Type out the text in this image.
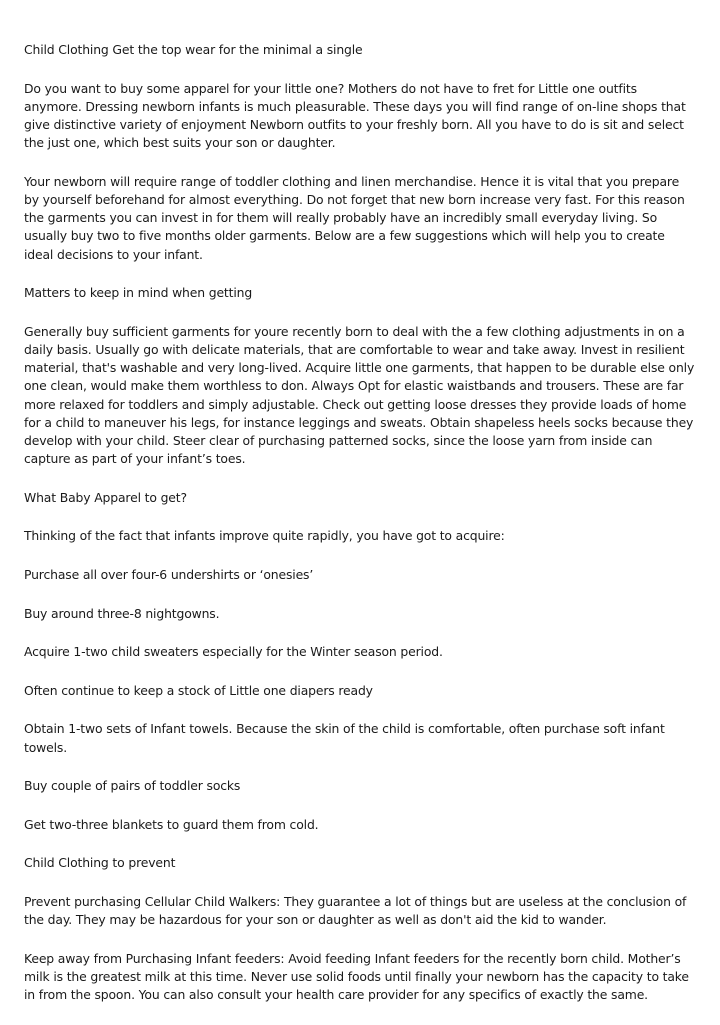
Child Clothing Get the top wear for the minimal a single

Do you want to buy some apparel for your little one? Mothers do not have to fret for Little one outfits anymore. Dressing newborn infants is much pleasurable. These days you will find range of on-line shops that give distinctive variety of enjoyment Newborn outfits to your freshly born. All you have to do is sit and select the just one, which best suits your son or daughter.

Your newborn will require range of toddler clothing and linen merchandise. Hence it is vital that you prepare by yourself beforehand for almost everything. Do not forget that new born increase very fast. For this reason the garments you can invest in for them will really probably have an incredibly small everyday living. So usually buy two to five months older garments. Below are a few suggestions which will help you to create ideal decisions to your infant.

Matters to keep in mind when getting

Generally buy sufficient garments for youre recently born to deal with the a few clothing adjustments in on a daily basis. Usually go with delicate materials, that are comfortable to wear and take away. Invest in resilient material, that's washable and very long-lived. Acquire little one garments, that happen to be durable else only one clean, would make them worthless to don. Always Opt for elastic waistbands and trousers. These are far more relaxed for toddlers and simply adjustable. Check out getting loose dresses they provide loads of home for a child to maneuver his legs, for instance leggings and sweats. Obtain shapeless heels socks because they develop with your child. Steer clear of purchasing patterned socks, since the loose yarn from inside can capture as part of your infant’s toes.

What Baby Apparel to get?

Thinking of the fact that infants improve quite rapidly, you have got to acquire:

Purchase all over four-6 undershirts or ‘onesies’

Buy around three-8 nightgowns.

Acquire 1-two child sweaters especially for the Winter season period.

Often continue to keep a stock of Little one diapers ready

Obtain 1-two sets of Infant towels. Because the skin of the child is comfortable, often purchase soft infant towels.

Buy couple of pairs of toddler socks

Get two-three blankets to guard them from cold.

Child Clothing to prevent

Prevent purchasing Cellular Child Walkers: They guarantee a lot of things but are useless at the conclusion of the day. They may be hazardous for your son or daughter as well as don't aid the kid to wander.

Keep away from Purchasing Infant feeders: Avoid feeding Infant feeders for the recently born child. Mother’s milk is the greatest milk at this time. Never use solid foods until finally your newborn has the capacity to take in from the spoon. You can also consult your health care provider for any specifics of exactly the same.
